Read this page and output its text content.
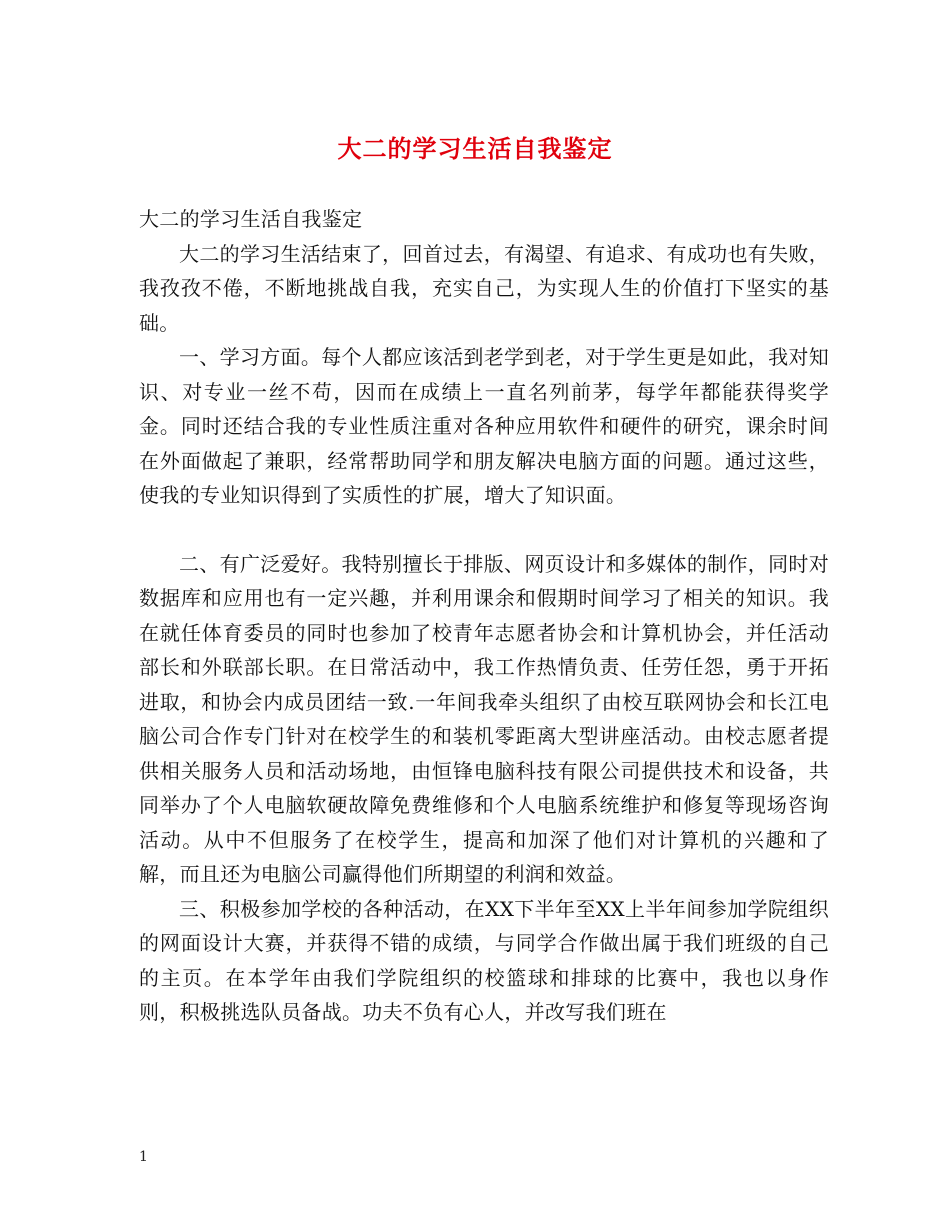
大二的学习生活自我鉴定

大二的学习生活自我鉴定

大二的学习生活结束了，回首过去，有渴望、有追求、有成功也有失败，我孜孜不倦，不断地挑战自我，充实自己，为实现人生的价值打下坚实的基础。

一、学习方面。每个人都应该活到老学到老，对于学生更是如此，我对知识、对专业一丝不苟，因而在成绩上一直名列前茅，每学年都能获得奖学金。同时还结合我的专业性质注重对各种应用软件和硬件的研究，课余时间在外面做起了兼职，经常帮助同学和朋友解决电脑方面的问题。通过这些，使我的专业知识得到了实质性的扩展，增大了知识面。

二、有广泛爱好。我特别擅长于排版、网页设计和多媒体的制作，同时对数据库和应用也有一定兴趣，并利用课余和假期时间学习了相关的知识。我在就任体育委员的同时也参加了校青年志愿者协会和计算机协会，并任活动部长和外联部长职。在日常活动中，我工作热情负责、任劳任怨，勇于开拓进取，和协会内成员团结一致.一年间我牵头组织了由校互联网协会和长江电脑公司合作专门针对在校学生的和装机零距离大型讲座活动。由校志愿者提供相关服务人员和活动场地，由恒锋电脑科技有限公司提供技术和设备，共同举办了个人电脑软硬故障免费维修和个人电脑系统维护和修复等现场咨询活动。从中不但服务了在校学生，提高和加深了他们对计算机的兴趣和了解，而且还为电脑公司赢得他们所期望的利润和效益。

三、积极参加学校的各种活动，在XX下半年至XX上半年间参加学院组织的网面设计大赛，并获得不错的成绩，与同学合作做出属于我们班级的自己的主页。在本学年由我们学院组织的校篮球和排球的比赛中，我也以身作则，积极挑选队员备战。功夫不负有心人，并改写我们班在

1
